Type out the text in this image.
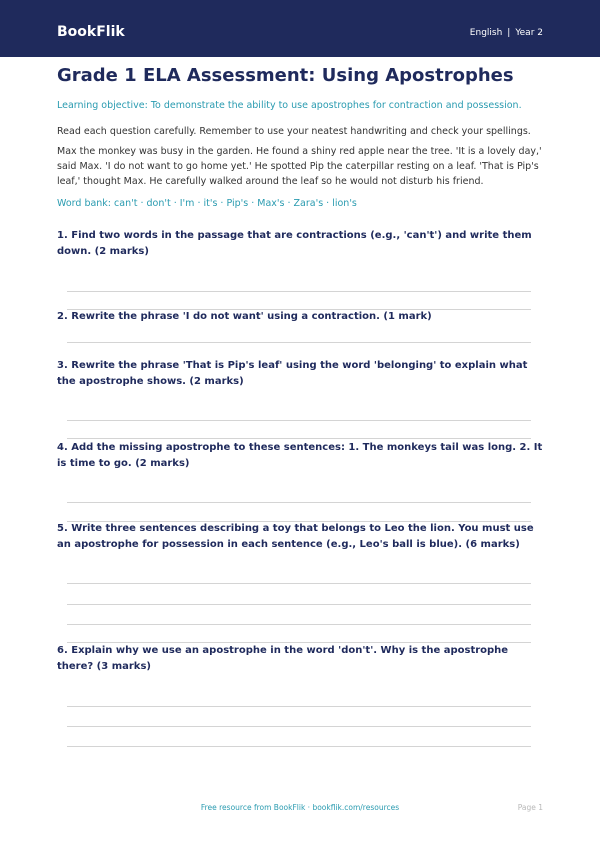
BookFlik	English | Year 2
Grade 1 ELA Assessment: Using Apostrophes

Learning objective: To demonstrate the ability to use apostrophes for contraction and possession.

Read each question carefully. Remember to use your neatest handwriting and check your spellings.

Max the monkey was busy in the garden. He found a shiny red apple near the tree. 'It is a lovely day,' said Max. 'I do not want to go home yet.' He spotted Pip the caterpillar resting on a leaf. 'That is Pip's leaf,' thought Max. He carefully walked around the leaf so he would not disturb his friend.

Word bank: can't · don't · I'm · it's · Pip's · Max's · Zara's · lion's

1. Find two words in the passage that are contractions (e.g., 'can't') and write them down. (2 marks)

2. Rewrite the phrase 'I do not want' using a contraction. (1 mark)

3. Rewrite the phrase 'That is Pip's leaf' using the word 'belonging' to explain what the apostrophe shows. (2 marks)

4. Add the missing apostrophe to these sentences: 1. The monkeys tail was long. 2. It is time to go. (2 marks)

5. Write three sentences describing a toy that belongs to Leo the lion. You must use an apostrophe for possession in each sentence (e.g., Leo's ball is blue). (6 marks)

6. Explain why we use an apostrophe in the word 'don't'. Why is the apostrophe there? (3 marks)

Free resource from BookFlik · bookflik.com/resources	Page 1
